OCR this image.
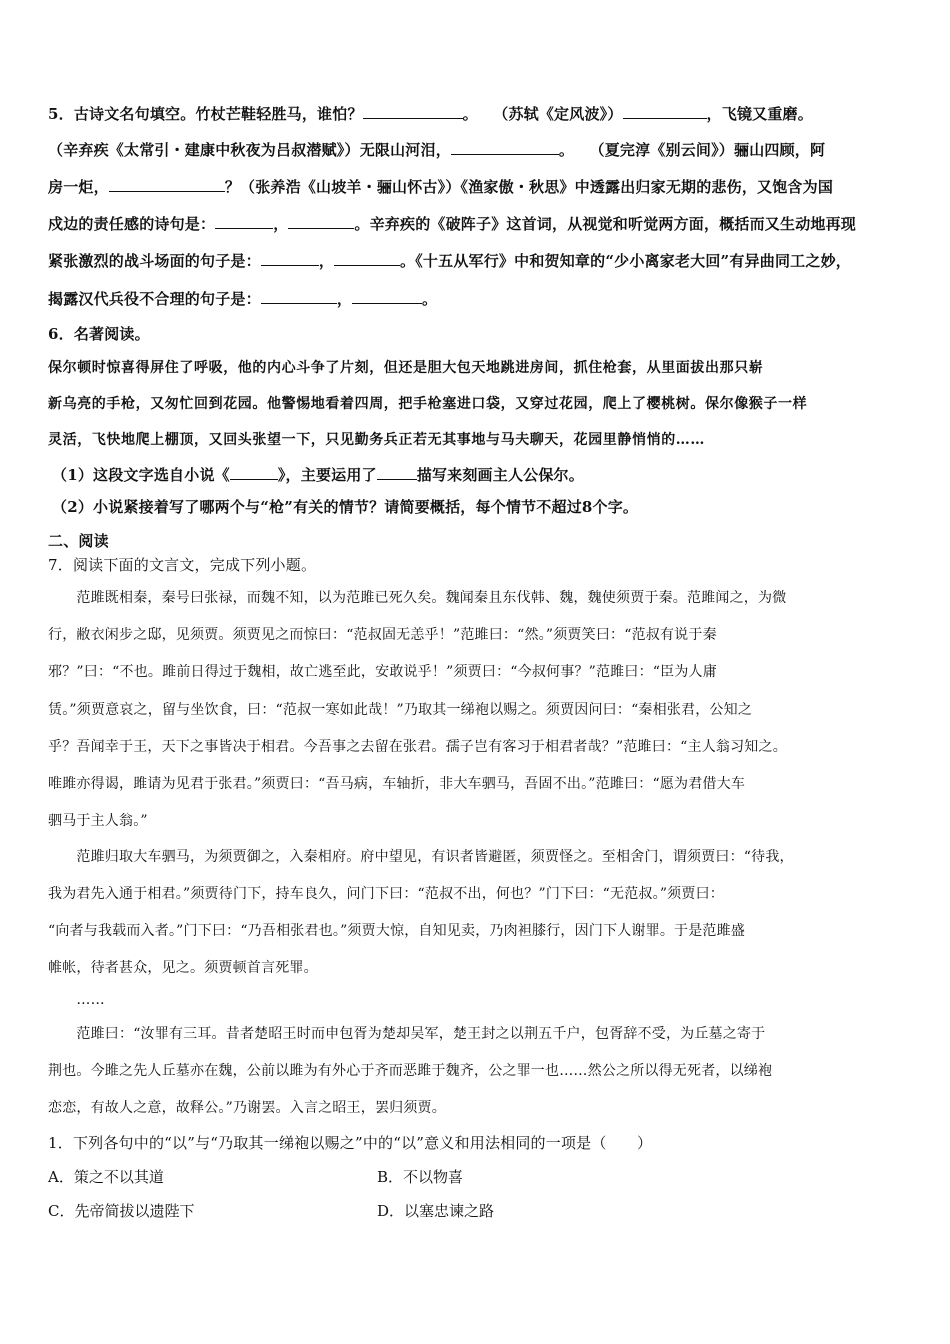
5．古诗文名句填空。竹杖芒鞋轻胜马，谁怕？	。　　（苏轼《定风波》）	，飞镜又重磨。
（辛弃疾《太常引・建康中秋夜为吕叔潜赋》）无限山河泪，	。　　（夏完淳《别云间》）骊山四顾，阿
房一炬，	？（张养浩《山坡羊・骊山怀古》）《渔家傲・秋思》中透露出归家无期的悲伤，又饱含为国
戍边的责任感的诗句是：	，	。辛弃疾的《破阵子》这首词，从视觉和听觉两方面，概括而又生动地再现
紧张激烈的战斗场面的句子是：	，	。《十五从军行》中和贺知章的“少小离家老大回”有异曲同工之妙，
揭露汉代兵役不合理的句子是：	，	。
6．名著阅读。
保尔顿时惊喜得屏住了呼吸，他的内心斗争了片刻，但还是胆大包天地跳进房间，抓住枪套，从里面拔出那只崭
新乌亮的手枪，又匆忙回到花园。他警惕地看着四周，把手枪塞进口袋，又穿过花园，爬上了樱桃树。保尔像猴子一样
灵活，飞快地爬上棚顶，又回头张望一下，只见勤务兵正若无其事地与马夫聊天，花园里静悄悄的……
（1）这段文字选自小说《	》，主要运用了	描写来刻画主人公保尔。
（2）小说紧接着写了哪两个与“枪”有关的情节？请简要概括，每个情节不超过8个字。
二、阅读
7．阅读下面的文言文，完成下列小题。
　　范雎既相秦，秦号曰张禄，而魏不知，以为范雎已死久矣。魏闻秦且东伐韩、魏，魏使须贾于秦。范雎闻之，为微
行，敝衣闲步之邸，见须贾。须贾见之而惊曰：“范叔固无恙乎！”范雎曰：“然。”须贾笑曰：“范叔有说于秦
邪？”曰：“不也。雎前日得过于魏相，故亡逃至此，安敢说乎！”须贾曰：“今叔何事？”范雎曰：“臣为人庸
赁。”须贾意哀之，留与坐饮食，曰：“范叔一寒如此哉！”乃取其一绨袍以赐之。须贾因问曰：“秦相张君，公知之
乎？吾闻幸于王，天下之事皆决于相君。今吾事之去留在张君。孺子岂有客习于相君者哉？”范雎曰：“主人翁习知之。
唯雎亦得谒，雎请为见君于张君。”须贾曰：“吾马病，车轴折，非大车驷马，吾固不出。”范雎曰：“愿为君借大车
驷马于主人翁。”
　　范雎归取大车驷马，为须贾御之，入秦相府。府中望见，有识者皆避匿，须贾怪之。至相舍门，谓须贾曰：“待我，
我为君先入通于相君。”须贾待门下，持车良久，问门下曰：“范叔不出，何也？”门下曰：“无范叔。”须贾曰：
“向者与我载而入者。”门下曰：“乃吾相张君也。”须贾大惊，自知见卖，乃肉袒膝行，因门下人谢罪。于是范雎盛
帷帐，待者甚众，见之。须贾顿首言死罪。
　　……
　　范雎曰：“汝罪有三耳。昔者楚昭王时而申包胥为楚却吴军，楚王封之以荆五千户，包胥辞不受，为丘墓之寄于
荆也。今雎之先人丘墓亦在魏，公前以雎为有外心于齐而恶雎于魏齐，公之罪一也……然公之所以得无死者，以绨袍
恋恋，有故人之意，故释公。”乃谢罢。入言之昭王，罢归须贾。
1．下列各句中的“以”与“乃取其一绨袍以赐之”中的“以”意义和用法相同的一项是（　　）
A．策之不以其道	B．不以物喜
C．先帝简拔以遗陛下	D．以塞忠谏之路
